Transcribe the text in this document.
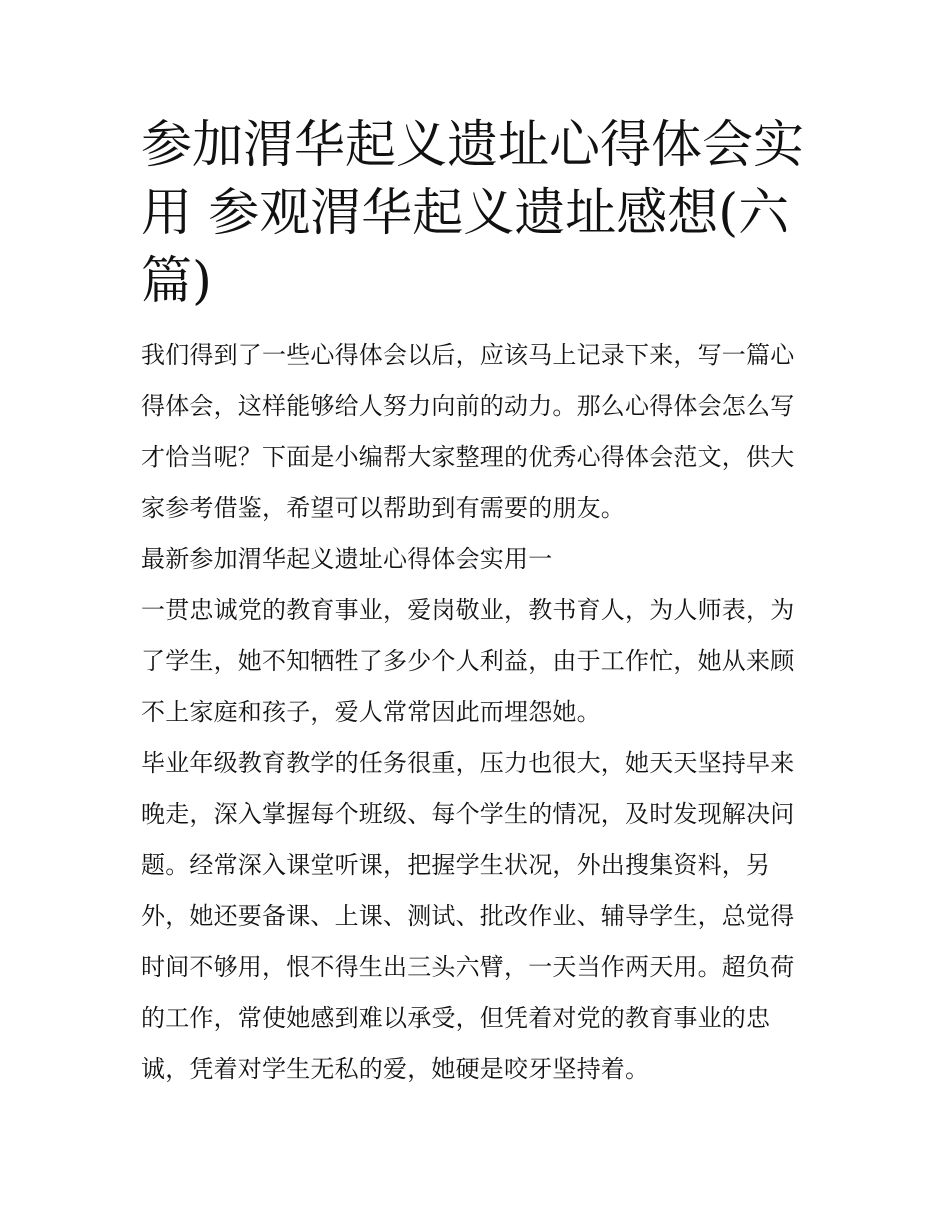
参加渭华起义遗址心得体会实
用 参观渭华起义遗址感想(六
篇)
我们得到了一些心得体会以后，应该马上记录下来，写一篇心
得体会，这样能够给人努力向前的动力。那么心得体会怎么写
才恰当呢？下面是小编帮大家整理的优秀心得体会范文，供大
家参考借鉴，希望可以帮助到有需要的朋友。
最新参加渭华起义遗址心得体会实用一
一贯忠诚党的教育事业，爱岗敬业，教书育人，为人师表，为
了学生，她不知牺牲了多少个人利益，由于工作忙，她从来顾
不上家庭和孩子，爱人常常因此而埋怨她。
毕业年级教育教学的任务很重，压力也很大，她天天坚持早来
晚走，深入掌握每个班级、每个学生的情况，及时发现解决问
题。经常深入课堂听课，把握学生状况，外出搜集资料，另
外，她还要备课、上课、测试、批改作业、辅导学生，总觉得
时间不够用，恨不得生出三头六臂，一天当作两天用。超负荷
的工作，常使她感到难以承受，但凭着对党的教育事业的忠
诚，凭着对学生无私的爱，她硬是咬牙坚持着。
